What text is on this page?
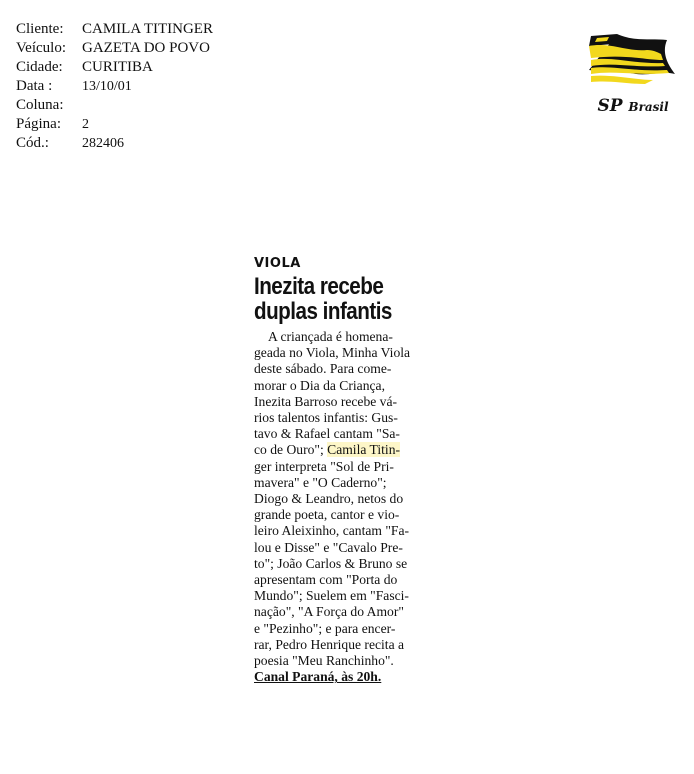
Cliente:	CAMILA TITINGER
Veículo:	GAZETA DO POVO
Cidade:	CURITIBA
Data :	13/10/01
Coluna:
Página:	2
Cód.:	282406
SP Brasil

VIOLA

Inezita recebe
duplas infantis
A criançada é homena-
geada no Viola, Minha Viola
deste sábado. Para come-
morar o Dia da Criança,
Inezita Barroso recebe vá-
rios talentos infantis: Gus-
tavo & Rafael cantam "Sa-
co de Ouro"; Camila Titin-
ger interpreta "Sol de Pri-
mavera" e "O Caderno";
Diogo & Leandro, netos do
grande poeta, cantor e vio-
leiro Aleixinho, cantam "Fa-
lou e Disse" e "Cavalo Pre-
to"; João Carlos & Bruno se
apresentam com "Porta do
Mundo"; Suelem em "Fasci-
nação", "A Força do Amor"
e "Pezinho"; e para encer-
rar, Pedro Henrique recita a
poesia "Meu Ranchinho".
Canal Paraná, às 20h.
